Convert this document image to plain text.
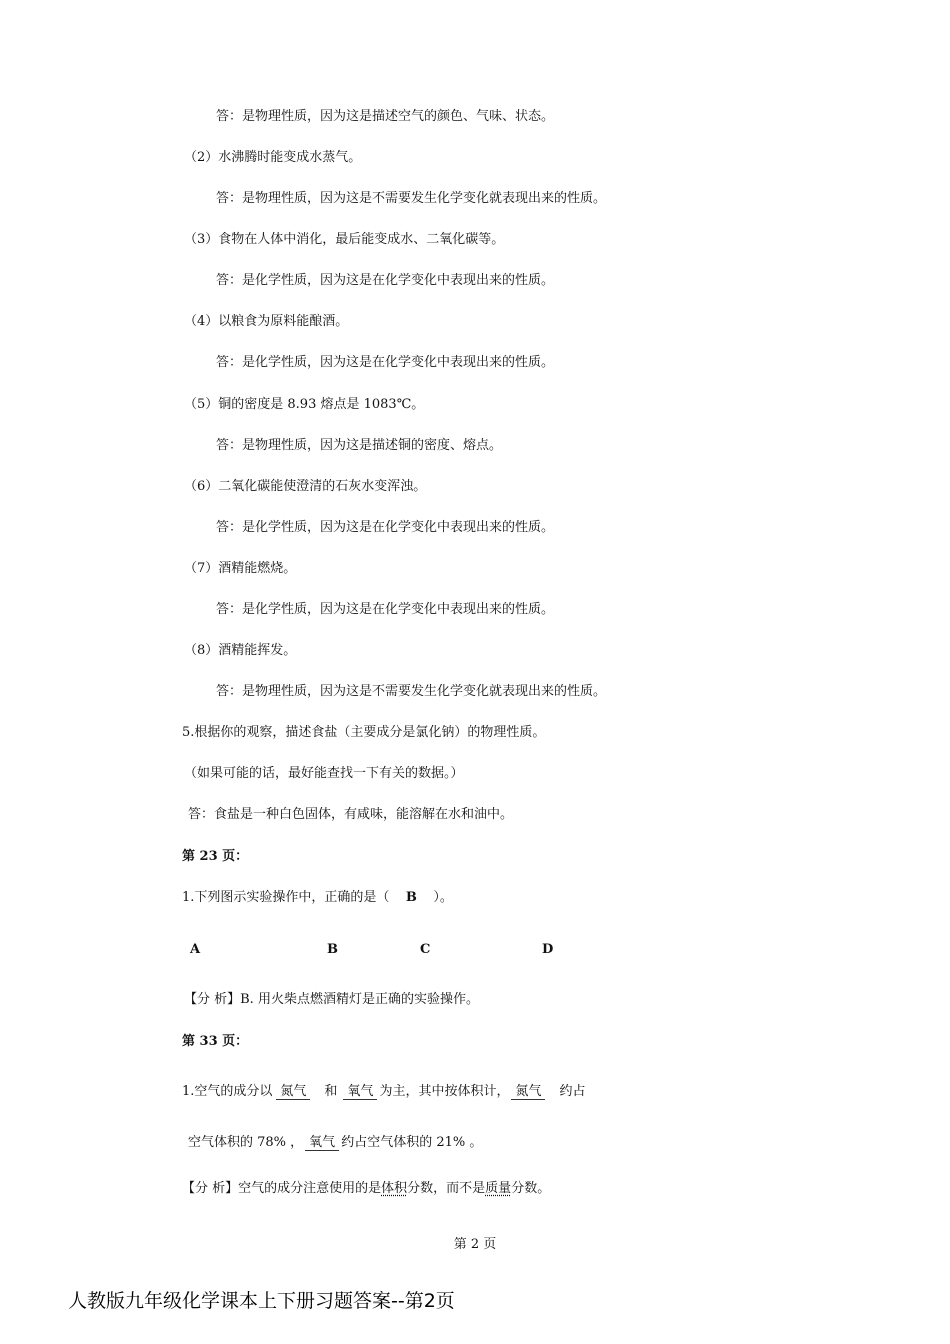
答：是物理性质，因为这是描述空气的颜色、气味、状态。
（2）水沸腾时能变成水蒸气。
答：是物理性质，因为这是不需要发生化学变化就表现出来的性质。
（3）食物在人体中消化，最后能变成水、二氧化碳等。
答：是化学性质，因为这是在化学变化中表现出来的性质。
（4）以粮食为原料能酿酒。
答：是化学性质，因为这是在化学变化中表现出来的性质。
（5）铜的密度是 8.93 熔点是 1083℃。
答：是物理性质，因为这是描述铜的密度、熔点。
（6）二氧化碳能使澄清的石灰水变浑浊。
答：是化学性质，因为这是在化学变化中表现出来的性质。
（7）酒精能燃烧。
答：是化学性质，因为这是在化学变化中表现出来的性质。
（8）酒精能挥发。
答：是物理性质，因为这是不需要发生化学变化就表现出来的性质。
5.根据你的观察，描述食盐（主要成分是氯化钠）的物理性质。
（如果可能的话，最好能查找一下有关的数据。）
答：食盐是一种白色固体，有咸味，能溶解在水和油中。
第 23 页：
1.下列图示实验操作中，正确的是（ B ）。
A	B	C	D
【分 析】B. 用火柴点燃酒精灯是正确的实验操作。
第 33 页：
1.空气的成分以 氮气 和 氧气 为主，其中按体积计， 氮气 约占
空气体积的 78% ， 氧气 约占空气体积的 21% 。
【分 析】空气的成分注意使用的是体积分数，而不是质量分数。
第 2 页
人教版九年级化学课本上下册习题答案--第2页
